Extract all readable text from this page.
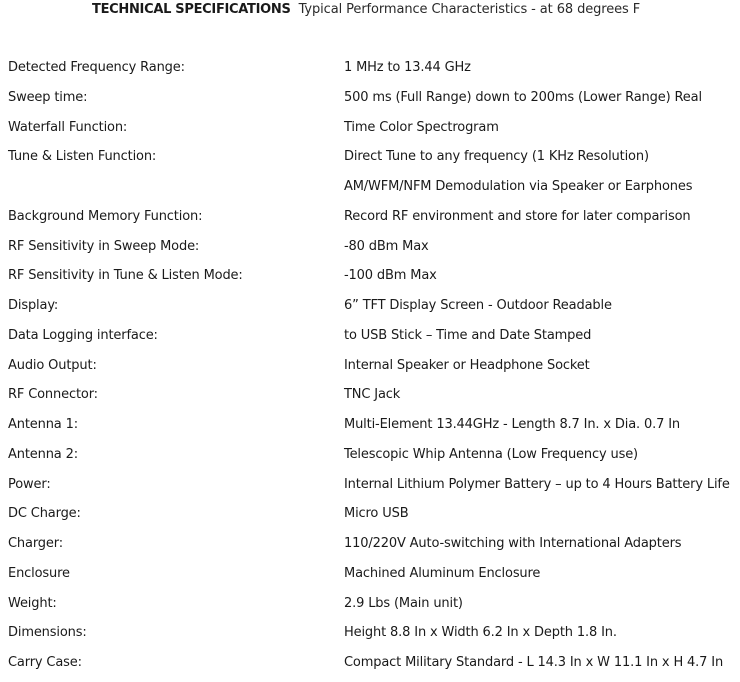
TECHNICAL SPECIFICATIONS Typical Performance Characteristics - at 68 degrees F
Detected Frequency Range:	1 MHz to 13.44 GHz
Sweep time:	500 ms (Full Range) down to 200ms (Lower Range) Real
Waterfall Function:	Time Color Spectrogram
Tune & Listen Function:	Direct Tune to any frequency (1 KHz Resolution)
AM/WFM/NFM Demodulation via Speaker or Earphones
Background Memory Function:	Record RF environment and store for later comparison
RF Sensitivity in Sweep Mode:	-80 dBm Max
RF Sensitivity in Tune & Listen Mode:	-100 dBm Max
Display:	6” TFT Display Screen - Outdoor Readable
Data Logging interface:	to USB Stick – Time and Date Stamped
Audio Output:	Internal Speaker or Headphone Socket
RF Connector:	TNC Jack
Antenna 1:	Multi-Element 13.44GHz - Length 8.7 In. x Dia. 0.7 In
Antenna 2:	Telescopic Whip Antenna (Low Frequency use)
Power:	Internal Lithium Polymer Battery – up to 4 Hours Battery Life
DC Charge:	Micro USB
Charger:	110/220V Auto-switching with International Adapters
Enclosure	Machined Aluminum Enclosure
Weight:	2.9 Lbs (Main unit)
Dimensions:	Height 8.8 In x Width 6.2 In x Depth 1.8 In.
Carry Case:	Compact Military Standard - L 14.3 In x W 11.1 In x H 4.7 In
